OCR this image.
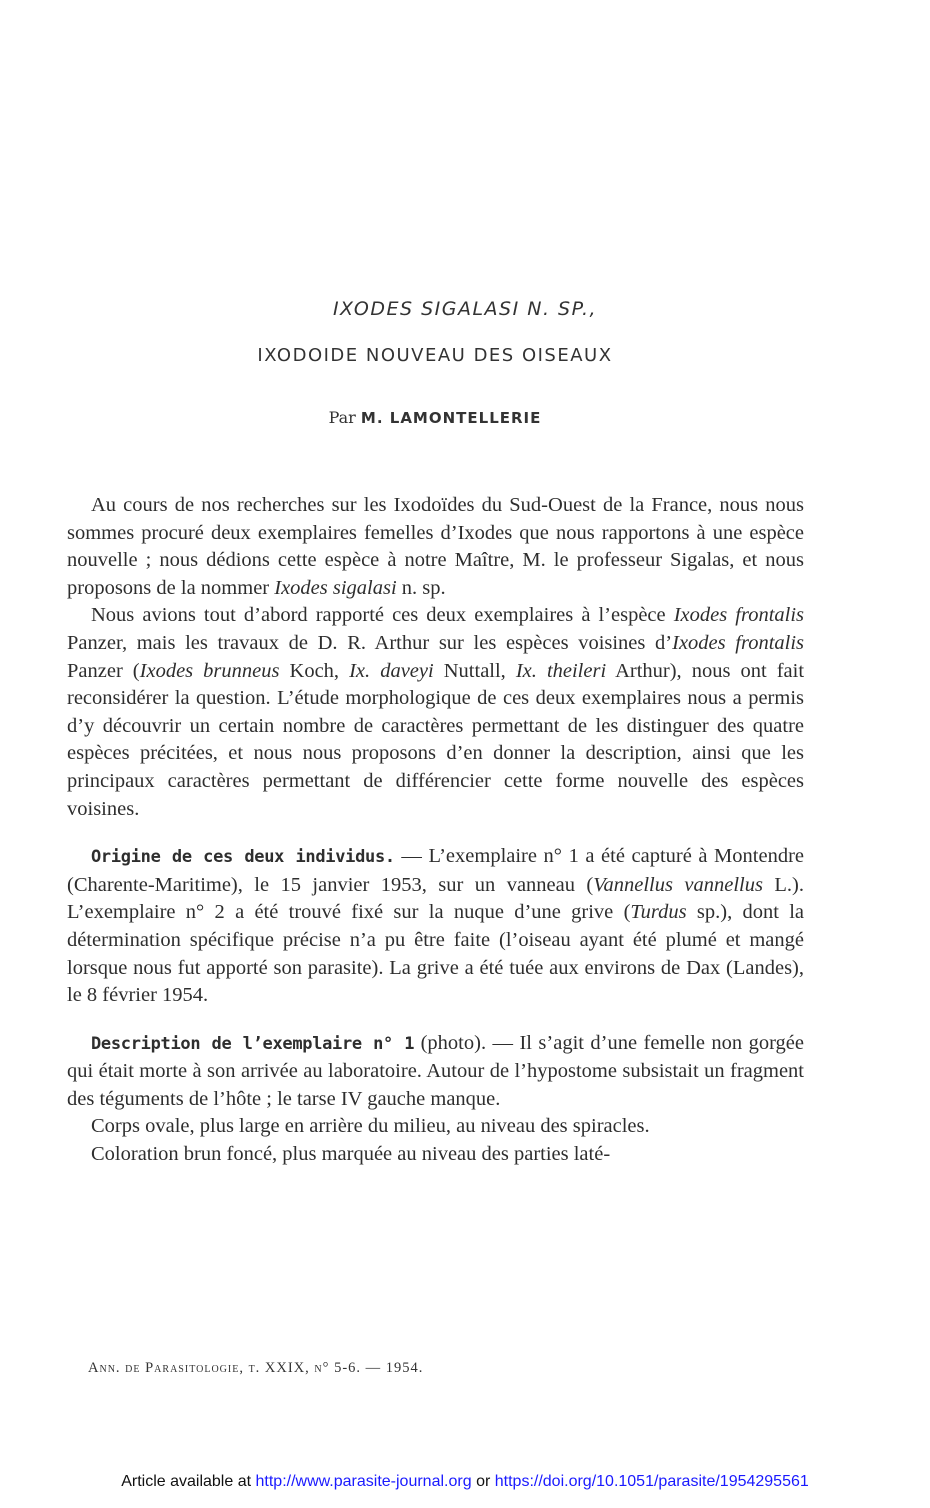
IXODES SIGALASI N. SP.,
IXODOIDE NOUVEAU DES OISEAUX
Par M. LAMONTELLERIE

Au cours de nos recherches sur les Ixodoïdes du Sud-Ouest de la France, nous nous sommes procuré deux exemplaires femelles d’Ixodes que nous rapportons à une espèce nouvelle ; nous dédions cette espèce à notre Maître, M. le professeur Sigalas, et nous proposons de la nommer Ixodes sigalasi n. sp.

Nous avions tout d’abord rapporté ces deux exemplaires à l’espèce Ixodes frontalis Panzer, mais les travaux de D. R. Arthur sur les espèces voisines d’Ixodes frontalis Panzer (Ixodes brunneus Koch, Ix. daveyi Nuttall, Ix. theileri Arthur), nous ont fait reconsidérer la question. L’étude morphologique de ces deux exemplaires nous a permis d’y découvrir un certain nombre de caractères permettant de les distinguer des quatre espèces précitées, et nous nous proposons d’en donner la description, ainsi que les principaux caractères permettant de différencier cette forme nouvelle des espèces voisines.

Origine de ces deux individus. — L’exemplaire n° 1 a été capturé à Montendre (Charente-Maritime), le 15 janvier 1953, sur un vanneau (Vannellus vannellus L.). L’exemplaire n° 2 a été trouvé fixé sur la nuque d’une grive (Turdus sp.), dont la détermination spécifique précise n’a pu être faite (l’oiseau ayant été plumé et mangé lorsque nous fut apporté son parasite). La grive a été tuée aux environs de Dax (Landes), le 8 février 1954.

Description de l’exemplaire n° 1 (photo). — Il s’agit d’une femelle non gorgée qui était morte à son arrivée au laboratoire. Autour de l’hypostome subsistait un fragment des téguments de l’hôte ; le tarse IV gauche manque.

Corps ovale, plus large en arrière du milieu, au niveau des spiracles.

Coloration brun foncé, plus marquée au niveau des parties laté-

Ann. de Parasitologie, t. XXIX, n° 5-6. — 1954.
Article available at http://www.parasite-journal.org or https://doi.org/10.1051/parasite/1954295561
